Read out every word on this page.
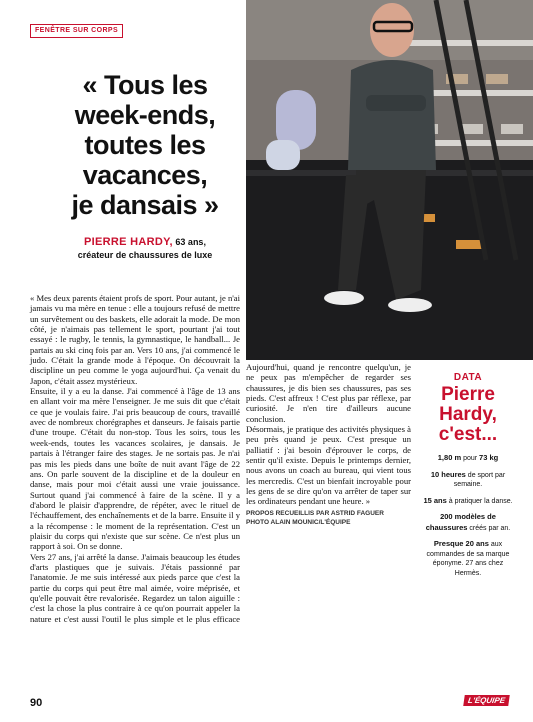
FENÊTRE SUR CORPS
« Tous les
week-ends,
toutes les
vacances,
je dansais »
PIERRE HARDY, 63 ans,
créateur de chaussures de luxe

« Mes deux parents étaient profs de sport. Pour autant, je n'ai jamais vu ma mère en tenue : elle a toujours refusé de mettre un survêtement ou des baskets, elle adorait la mode. De mon côté, je n'aimais pas tellement le sport, pourtant j'ai tout essayé : le rugby, le tennis, la gymnastique, le handball... Je partais au ski cinq fois par an. Vers 10 ans, j'ai commencé le judo. C'était la grande mode à l'époque. On découvrait la discipline un peu comme le yoga aujourd'hui. Ça venait du Japon, c'était assez mystérieux.

Ensuite, il y a eu la danse. J'ai commencé à l'âge de 13 ans en allant voir ma mère l'enseigner. Je me suis dit que c'était ce que je voulais faire. J'ai pris beaucoup de cours, travaillé avec de nombreux chorégraphes et danseurs. Je faisais partie d'une troupe. C'était du non-stop. Tous les soirs, tous les week-ends, toutes les vacances scolaires, je dansais. Je partais à l'étranger faire des stages. Je ne sortais pas. Je n'ai pas mis les pieds dans une boîte de nuit avant l'âge de 22 ans. On parle souvent de la discipline et de la douleur en danse, mais pour moi c'était aussi une vraie jouissance. Surtout quand j'ai commencé à faire de la scène. Il y a d'abord le plaisir d'apprendre, de répéter, avec le rituel de l'échauffement, des enchaînements et de la barre. Ensuite il y a la récompense : le moment de la représentation. C'est un plaisir du corps qui n'existe que sur scène. Ce n'est plus un rapport à soi. On se donne.

Vers 27 ans, j'ai arrêté la danse. J'aimais beaucoup les études d'arts plastiques que je suivais. J'étais passionné par l'anatomie. Je me suis intéressé aux pieds parce que c'est la partie du corps qui peut être mal aimée, voire méprisée, et qu'elle pouvait être revalorisée. Regardez un talon aiguille : c'est la chose la plus contraire à ce qu'on pourrait appeler la nature et c'est aussi l'outil le plus simple et le plus efficace

Aujourd'hui, quand je rencontre quelqu'un, je ne peux pas m'empêcher de regarder ses chaussures, je dis bien ses chaussures, pas ses pieds. C'est affreux ! C'est plus par réflexe, par curiosité. Je n'en tire d'ailleurs aucune conclusion.

Désormais, je pratique des activités physiques à peu près quand je peux. C'est presque un palliatif : j'ai besoin d'éprouver le corps, de sentir qu'il existe. Depuis le printemps dernier, nous avons un coach au bureau, qui vient tous les mercredis. C'est un bienfait incroyable pour les gens de se dire qu'on va arrêter de taper sur les ordinateurs pendant une heure. »

PROPOS RECUEILLIS PAR ASTRID FAGUER
PHOTO ALAIN MOUNIC/L'ÉQUIPE
DATA
Pierre Hardy, c'est...
1,80 m pour 73 kg
10 heures de sport par semaine.
15 ans à pratiquer la danse.
200 modèles de chaussures créés par an.
Presque 20 ans aux commandes de sa marque éponyme. 27 ans chez Hermès.
90	L'ÉQUIPE
